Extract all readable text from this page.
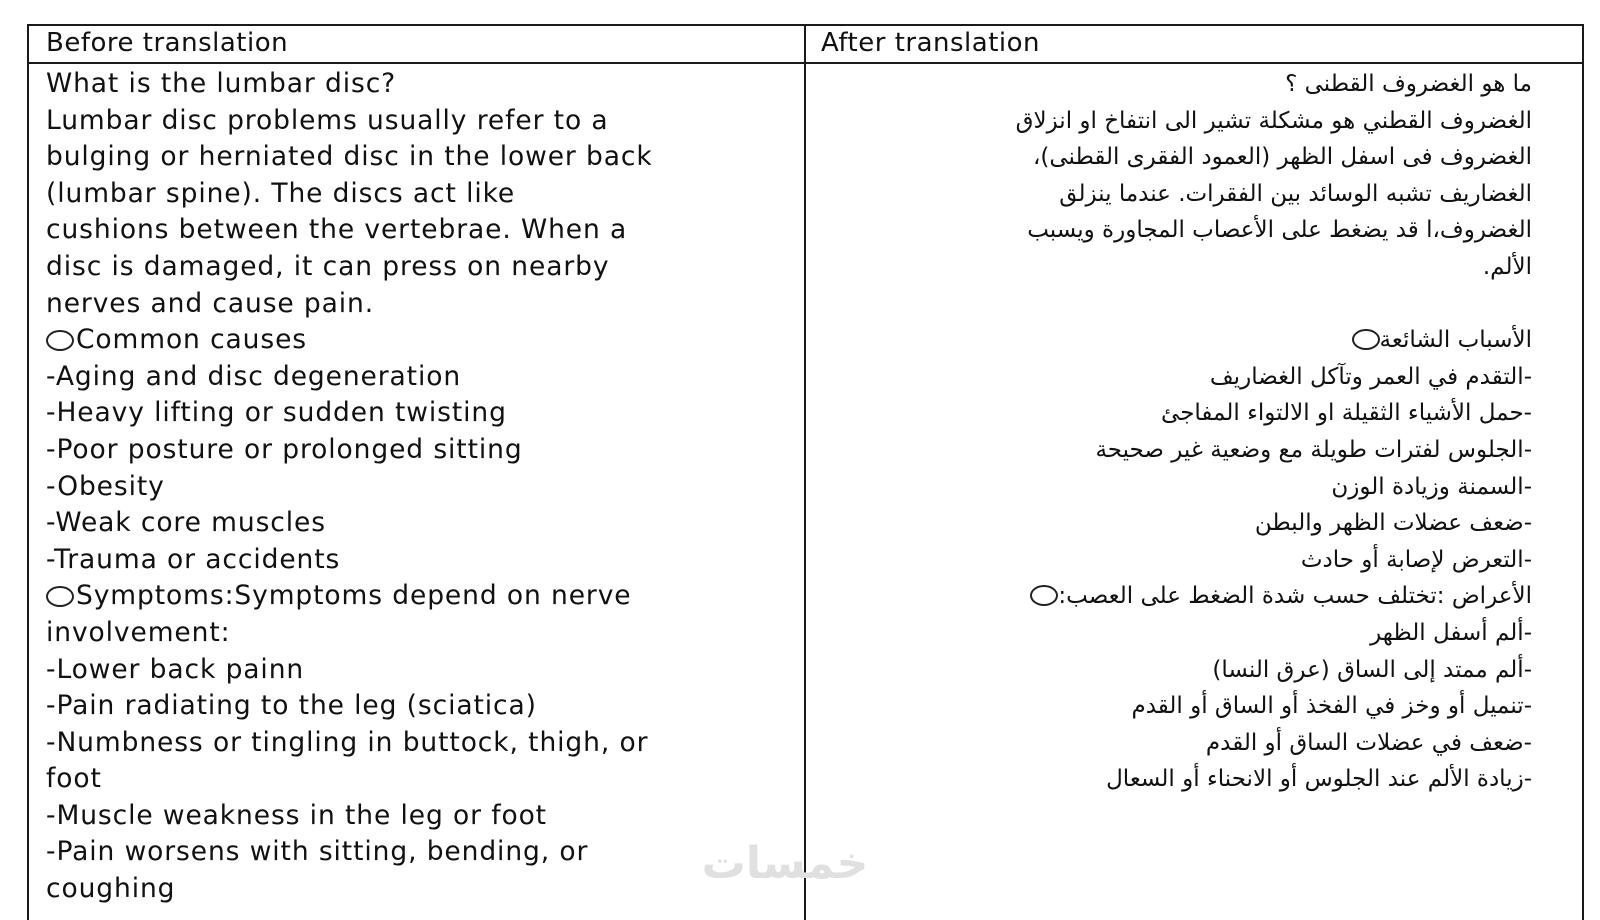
Before translation	After translation
What is the lumbar disc?
Lumbar disc problems usually refer to a
bulging or herniated disc in the lower back
(lumbar spine). The discs act like
cushions between the vertebrae. When a
disc is damaged, it can press on nearby
nerves and cause pain.
Common causes
-Aging and disc degeneration
-Heavy lifting or sudden twisting
-Poor posture or prolonged sitting
-Obesity
-Weak core muscles
-Trauma or accidents
Symptoms:Symptoms depend on nerve
involvement:
-Lower back painn
-Pain radiating to the leg (sciatica)
-Numbness or tingling in buttock, thigh, or
foot
-Muscle weakness in the leg or foot
-Pain worsens with sitting, bending, or
coughing
ما هو الغضروف القطنى ؟
الغضروف القطني هو مشكلة تشير الى انتفاخ او انزلاق
الغضروف فى اسفل الظهر (العمود الفقرى القطنى)،
الغضاريف تشبه الوسائد بين الفقرات. عندما ينزلق
الغضروف،ا قد يضغط على الأعصاب المجاورة ويسبب
الألم.
الأسباب الشائعة
-التقدم في العمر وتآكل الغضاريف
-حمل الأشياء الثقيلة او الالتواء المفاجئ
-الجلوس لفترات طويلة مع وضعية غير صحيحة
-السمنة وزيادة الوزن
-ضعف عضلات الظهر والبطن
-التعرض لإصابة أو حادث
الأعراض :تختلف حسب شدة الضغط على العصب:
-ألم أسفل الظهر
-ألم ممتد إلى الساق (عرق النسا)
-تنميل أو وخز في الفخذ أو الساق أو القدم
-ضعف في عضلات الساق أو القدم
-زيادة الألم عند الجلوس أو الانحناء أو السعال
خمسات
